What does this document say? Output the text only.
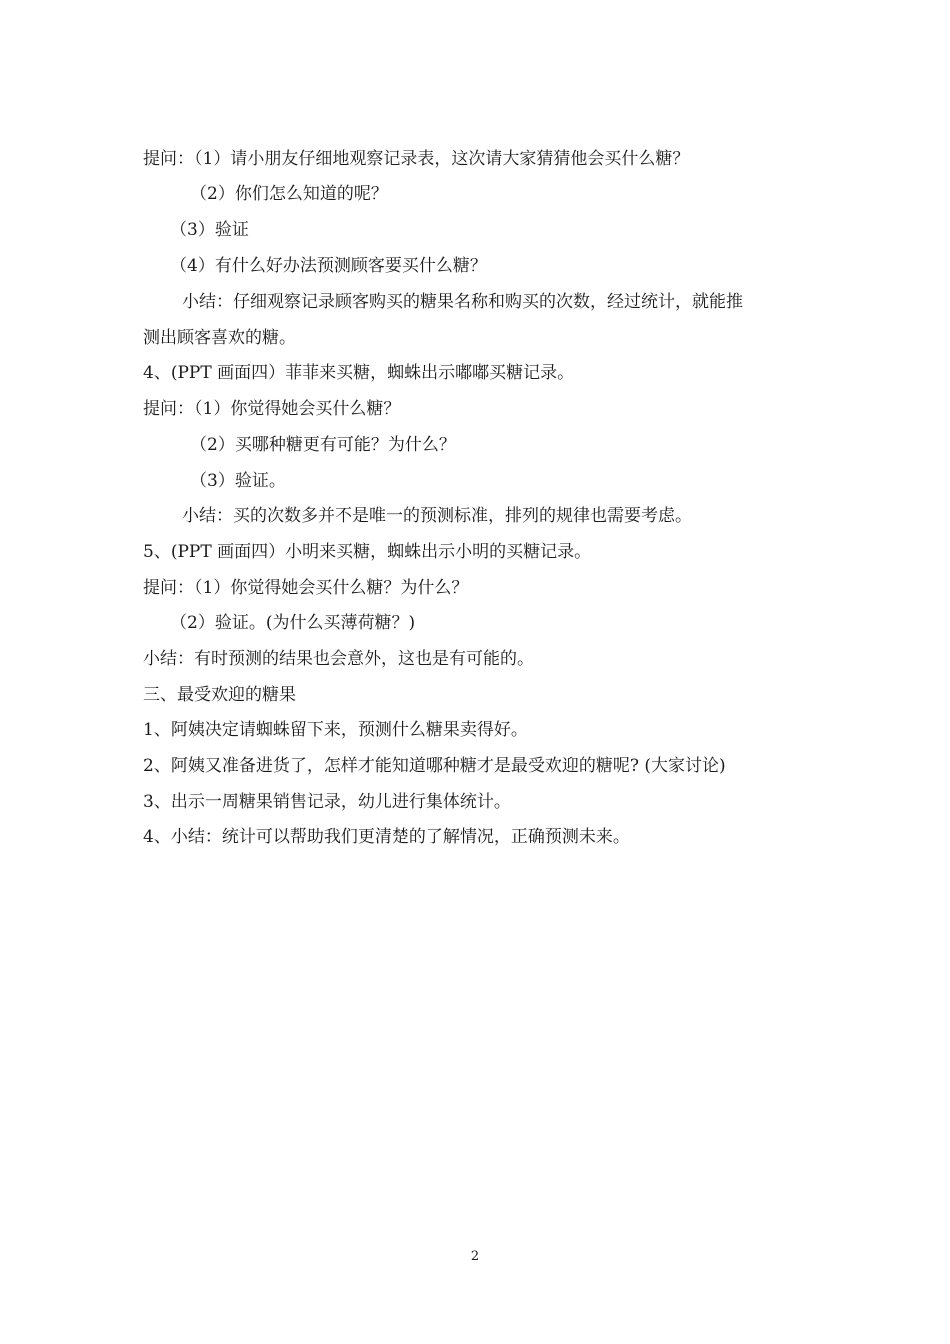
提问：（1）请小朋友仔细地观察记录表，这次请大家猜猜他会买什么糖？
（2）你们怎么知道的呢？
（3）验证
（4）有什么好办法预测顾客要买什么糖？
小结：仔细观察记录顾客购买的糖果名称和购买的次数，经过统计，就能推
测出顾客喜欢的糖。
4、(PPT 画面四）菲菲来买糖，蜘蛛出示嘟嘟买糖记录。
提问：（1）你觉得她会买什么糖？
（2）买哪种糖更有可能？为什么？
（3）验证。
小结：买的次数多并不是唯一的预测标准，排列的规律也需要考虑。
5、(PPT 画面四）小明来买糖，蜘蛛出示小明的买糖记录。
提问：（1）你觉得她会买什么糖？为什么？
（2）验证。(为什么买薄荷糖？)
小结：有时预测的结果也会意外，这也是有可能的。
三、最受欢迎的糖果
1、阿姨决定请蜘蛛留下来，预测什么糖果卖得好。
2、阿姨又准备进货了，怎样才能知道哪种糖才是最受欢迎的糖呢? (大家讨论)
3、出示一周糖果销售记录，幼儿进行集体统计。
4、小结：统计可以帮助我们更清楚的了解情况，正确预测未来。
2
